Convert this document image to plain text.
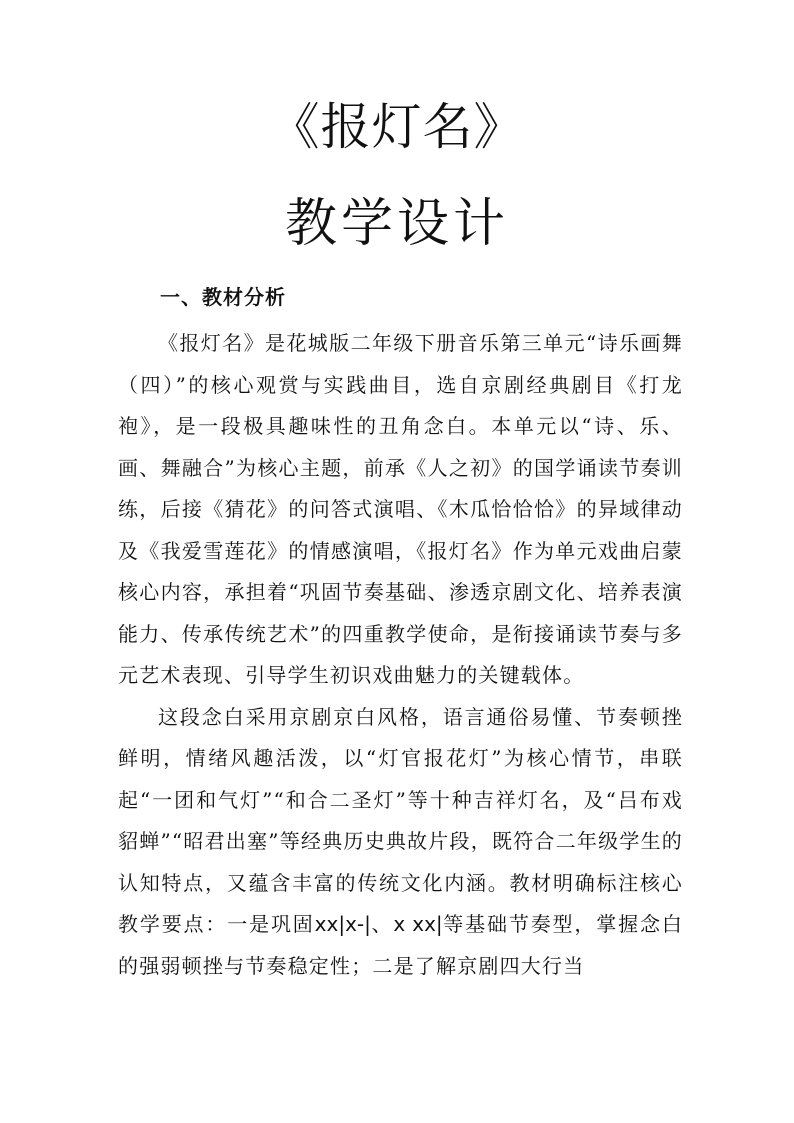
《报灯名》
教学设计
一、教材分析

《报灯名》是花城版二年级下册音乐第三单元“诗乐画舞（四）”的核心观赏与实践曲目，选自京剧经典剧目《打龙袍》，是一段极具趣味性的丑角念白。本单元以“诗、乐、画、舞融合”为核心主题，前承《人之初》的国学诵读节奏训练，后接《猜花》的问答式演唱、《木瓜恰恰恰》的异域律动及《我爱雪莲花》的情感演唱，《报灯名》作为单元戏曲启蒙核心内容，承担着“巩固节奏基础、渗透京剧文化、培养表演能力、传承传统艺术”的四重教学使命，是衔接诵读节奏与多元艺术表现、引导学生初识戏曲魅力的关键载体。

这段念白采用京剧京白风格，语言通俗易懂、节奏顿挫鲜明，情绪风趣活泼，以“灯官报花灯”为核心情节，串联起“一团和气灯”“和合二圣灯”等十种吉祥灯名，及“吕布戏貂蝉”“昭君出塞”等经典历史典故片段，既符合二年级学生的认知特点，又蕴含丰富的传统文化内涵。教材明确标注核心教学要点：一是巩固xx|x-|、x xx|等基础节奏型，掌握念白的强弱顿挫与节奏稳定性；二是了解京剧四大行当
